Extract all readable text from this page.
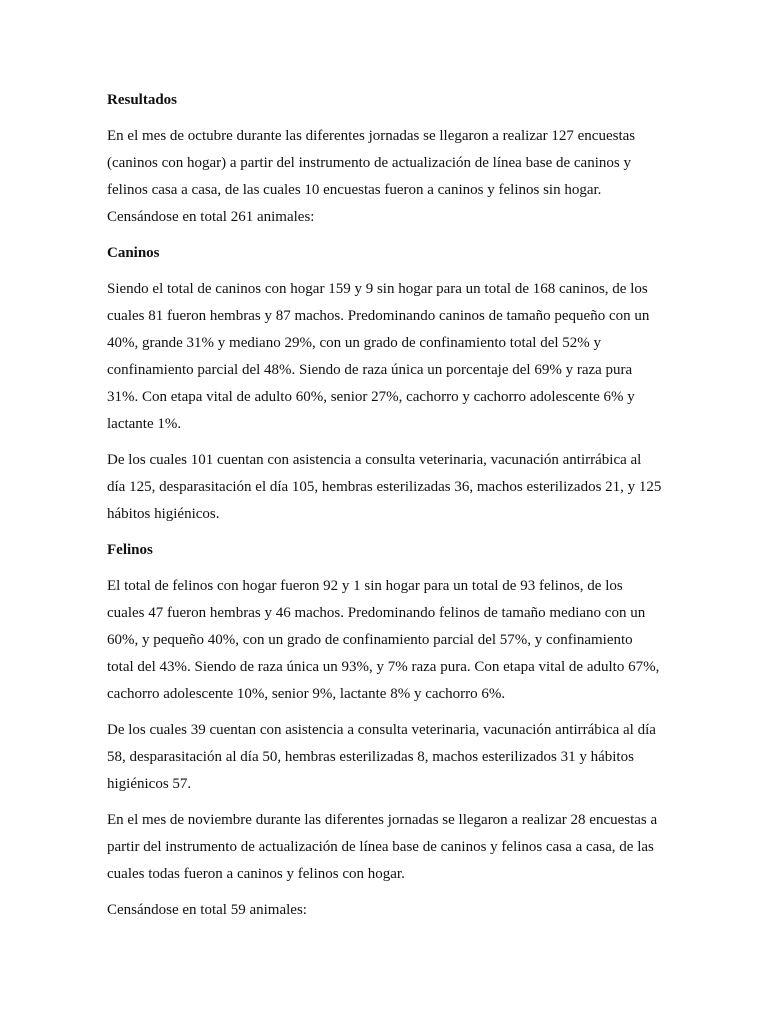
Resultados

En el mes de octubre durante las diferentes jornadas se llegaron a realizar 127 encuestas (caninos con hogar) a partir del instrumento de actualización de línea base de caninos y felinos casa a casa, de las cuales 10 encuestas fueron a caninos y felinos sin hogar. Censándose en total 261 animales:

Caninos

Siendo el total de caninos con hogar 159 y 9 sin hogar para un total de 168 caninos, de los cuales 81 fueron hembras y 87 machos. Predominando caninos de tamaño pequeño con un 40%, grande 31% y mediano 29%, con un grado de confinamiento total del 52% y confinamiento parcial del 48%. Siendo de raza única un porcentaje del 69% y raza pura 31%. Con etapa vital de adulto 60%, senior 27%, cachorro y cachorro adolescente 6% y lactante 1%.

De los cuales 101 cuentan con asistencia a consulta veterinaria, vacunación antirrábica al día 125, desparasitación el día 105, hembras esterilizadas 36, machos esterilizados 21, y 125 hábitos higiénicos.

Felinos

El total de felinos con hogar fueron 92 y 1 sin hogar para un total de 93 felinos, de los cuales 47 fueron hembras y 46 machos. Predominando felinos de tamaño mediano con un 60%, y pequeño 40%, con un grado de confinamiento parcial del 57%, y confinamiento total del 43%. Siendo de raza única un 93%, y 7% raza pura. Con etapa vital de adulto 67%, cachorro adolescente 10%, senior 9%, lactante 8% y cachorro 6%.

De los cuales 39 cuentan con asistencia a consulta veterinaria, vacunación antirrábica al día 58, desparasitación al día 50, hembras esterilizadas 8, machos esterilizados 31 y hábitos higiénicos 57.

En el mes de noviembre durante las diferentes jornadas se llegaron a realizar 28 encuestas a partir del instrumento de actualización de línea base de caninos y felinos casa a casa, de las cuales todas fueron a caninos y felinos con hogar.

Censándose en total 59 animales:
